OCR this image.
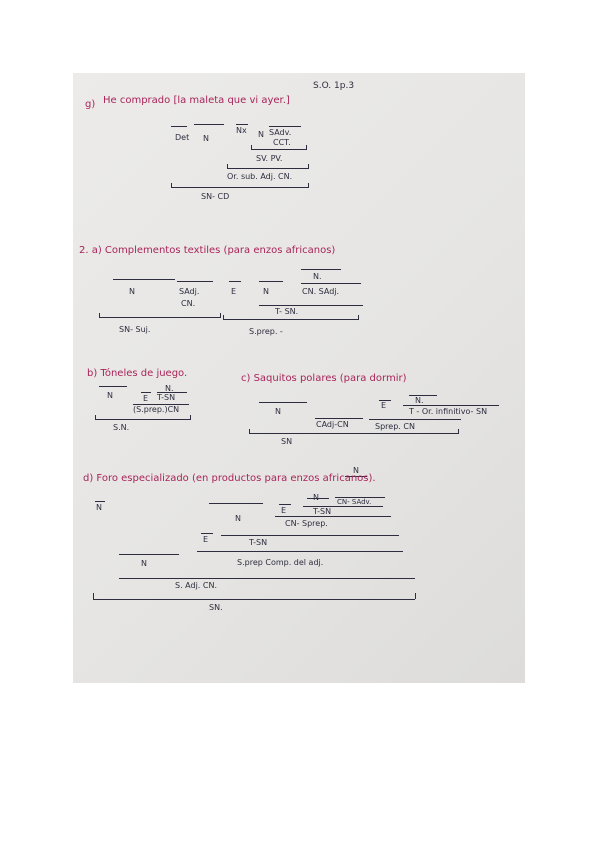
S.O. 1p.3
g) He comprado [la maleta que vi ayer.]
Det N
Nx N SAdv.
CCT.
SV. PV.
Or. sub. Adj. CN.
SN- CD
2. a) Complementos textiles (para enzos africanos)
N	SAdj.
CN.
E	N
N.
CN. SAdj.
T- SN.
SN- Suj.	S.prep. -
b) Tóneles de juego.
N
N.
E T-SN
(S.prep.)CN
S.N.
c) Saquitos polares (para dormir)
N
E
N.
T - Or. infinitivo- SN
CAdj-CN	Sprep. CN
SN
N
d) Foro especializado (en productos para enzos africanos).
N
N	CN- SAdv.
E	T-SN
N
CN- Sprep.
E	T-SN
N	S.prep Comp. del adj.
S. Adj. CN.
SN.
